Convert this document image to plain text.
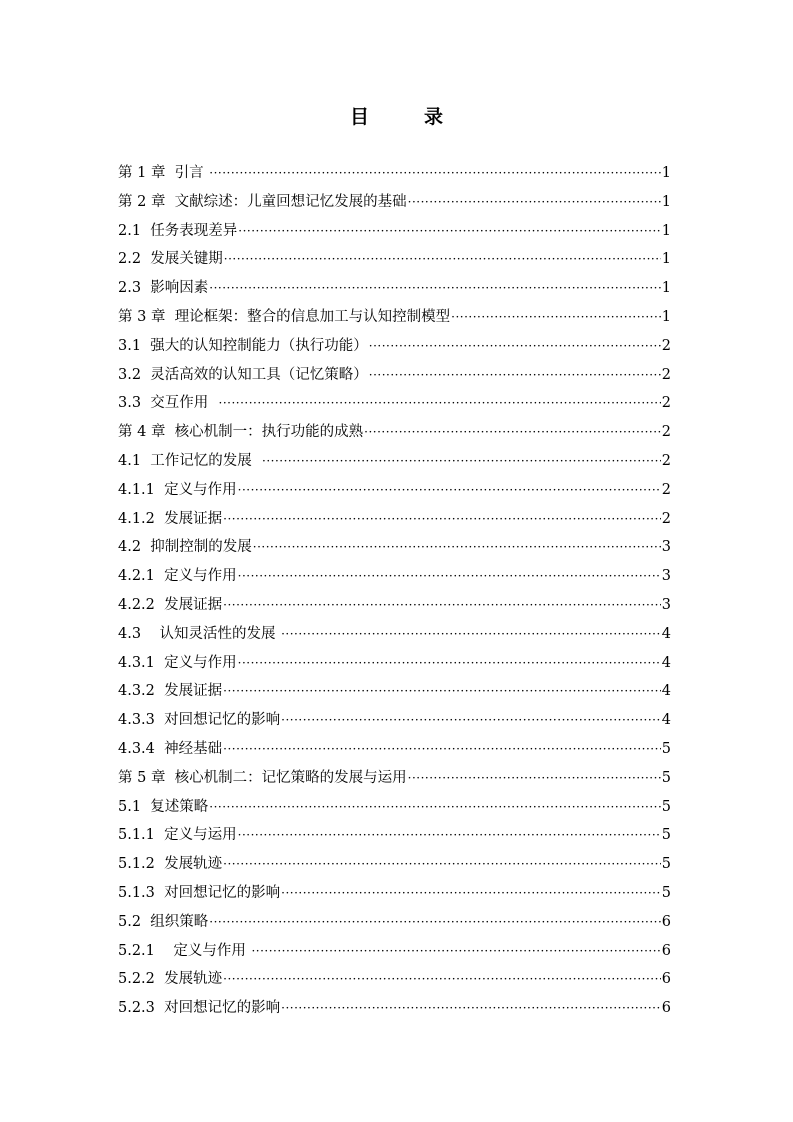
目　录
第 1 章  引言 ·····	1
第 2 章  文献综述：儿童回想记忆发展的基础 ·····	1
2.1  任务表现差异 ·····	1
2.2  发展关键期 ·····	1
2.3  影响因素 ·····	1
第 3 章  理论框架：整合的信息加工与认知控制模型 ·····	1
3.1  强大的认知控制能力（执行功能） ·····	2
3.2  灵活高效的认知工具（记忆策略） ·····	2
3.3  交互作用 ·····	2
第 4 章  核心机制一：执行功能的成熟 ·····	2
4.1  工作记忆的发展 ·····	2
4.1.1  定义与作用 ·····	2
4.1.2  发展证据 ·····	2
4.2  抑制控制的发展 ·····	3
4.2.1  定义与作用 ·····	3
4.2.2  发展证据 ·····	3
4.3    认知灵活性的发展 ·····	4
4.3.1  定义与作用 ·····	4
4.3.2  发展证据 ·····	4
4.3.3  对回想记忆的影响 ·····	4
4.3.4  神经基础 ·····	5
第 5 章  核心机制二：记忆策略的发展与运用 ·····	5
5.1  复述策略 ·····	5
5.1.1  定义与运用 ·····	5
5.1.2  发展轨迹 ·····	5
5.1.3  对回想记忆的影响 ·····	5
5.2  组织策略 ·····	6
5.2.1    定义与作用 ·····	6
5.2.2  发展轨迹 ·····	6
5.2.3  对回想记忆的影响 ·····	6
